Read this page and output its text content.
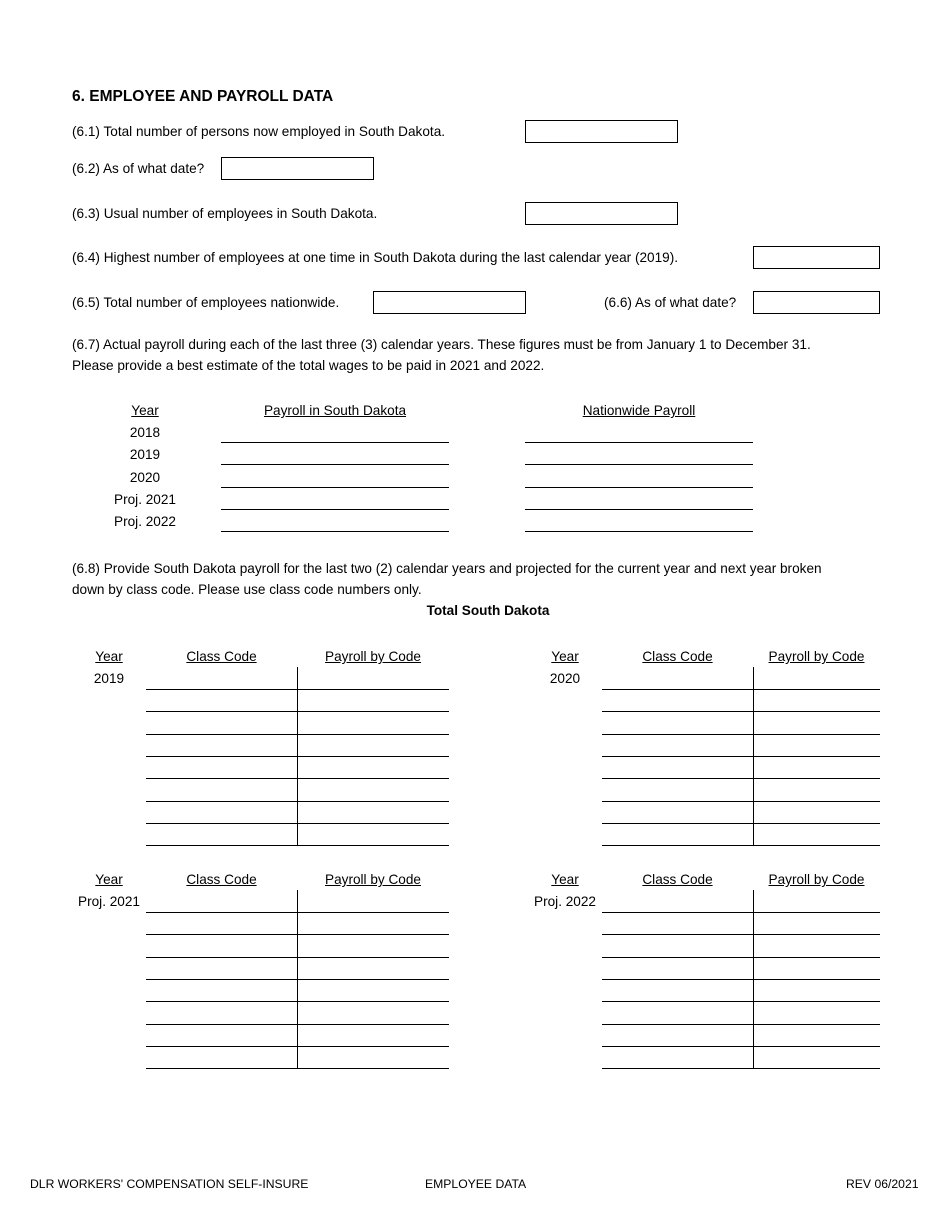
6. EMPLOYEE AND PAYROLL DATA
(6.1) Total number of persons now employed in South Dakota.
(6.2) As of what date?
(6.3) Usual number of employees in South Dakota.
(6.4) Highest number of employees at one time in South Dakota during the last calendar year (2019).
(6.5) Total number of employees nationwide.	(6.6) As of what date?
(6.7) Actual payroll during each of the last three (3) calendar years. These figures must be from January 1 to December 31.
Please provide a best estimate of the total wages to be paid in 2021 and 2022.
Year	Payroll in South Dakota	Nationwide Payroll
2018
2019
2020
Proj. 2021
Proj. 2022
(6.8) Provide South Dakota payroll for the last two (2) calendar years and projected for the current year and next year broken
down by class code. Please use class code numbers only.
Total South Dakota
Year	Class Code	Payroll by Code
2019
Year	Class Code	Payroll by Code
2020
Year	Class Code	Payroll by Code
Proj. 2021
Year	Class Code	Payroll by Code
Proj. 2022
DLR WORKERS' COMPENSATION SELF-INSURE	EMPLOYEE DATA	REV 06/2021
